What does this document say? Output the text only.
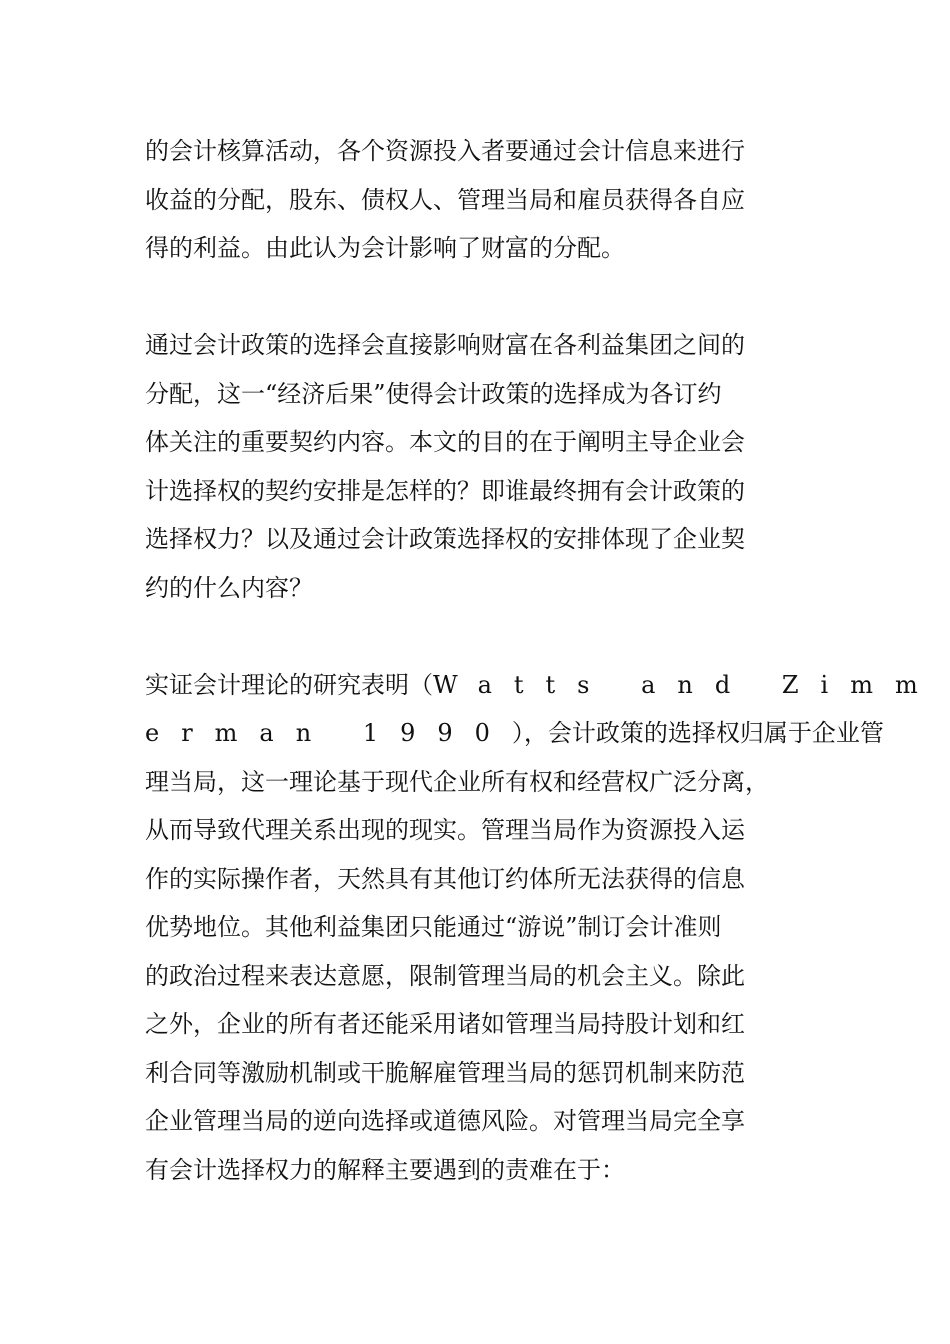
的会计核算活动，各个资源投入者要通过会计信息来进行
收益的分配，股东、债权人、管理当局和雇员获得各自应
得的利益。由此认为会计影响了财富的分配。

通过会计政策的选择会直接影响财富在各利益集团之间的
分配，这一“经济后果”使得会计政策的选择成为各订约
体关注的重要契约内容。本文的目的在于阐明主导企业会
计选择权的契约安排是怎样的？即谁最终拥有会计政策的
选择权力？以及通过会计政策选择权的安排体现了企业契
约的什么内容？

实证会计理论的研究表明（Watts and Zimm
erman 1990），会计政策的选择权归属于企业管
理当局，这一理论基于现代企业所有权和经营权广泛分离，
从而导致代理关系出现的现实。管理当局作为资源投入运
作的实际操作者，天然具有其他订约体所无法获得的信息
优势地位。其他利益集团只能通过“游说”制订会计准则
的政治过程来表达意愿，限制管理当局的机会主义。除此
之外，企业的所有者还能采用诸如管理当局持股计划和红
利合同等激励机制或干脆解雇管理当局的惩罚机制来防范
企业管理当局的逆向选择或道德风险。对管理当局完全享
有会计选择权力的解释主要遇到的责难在于：
